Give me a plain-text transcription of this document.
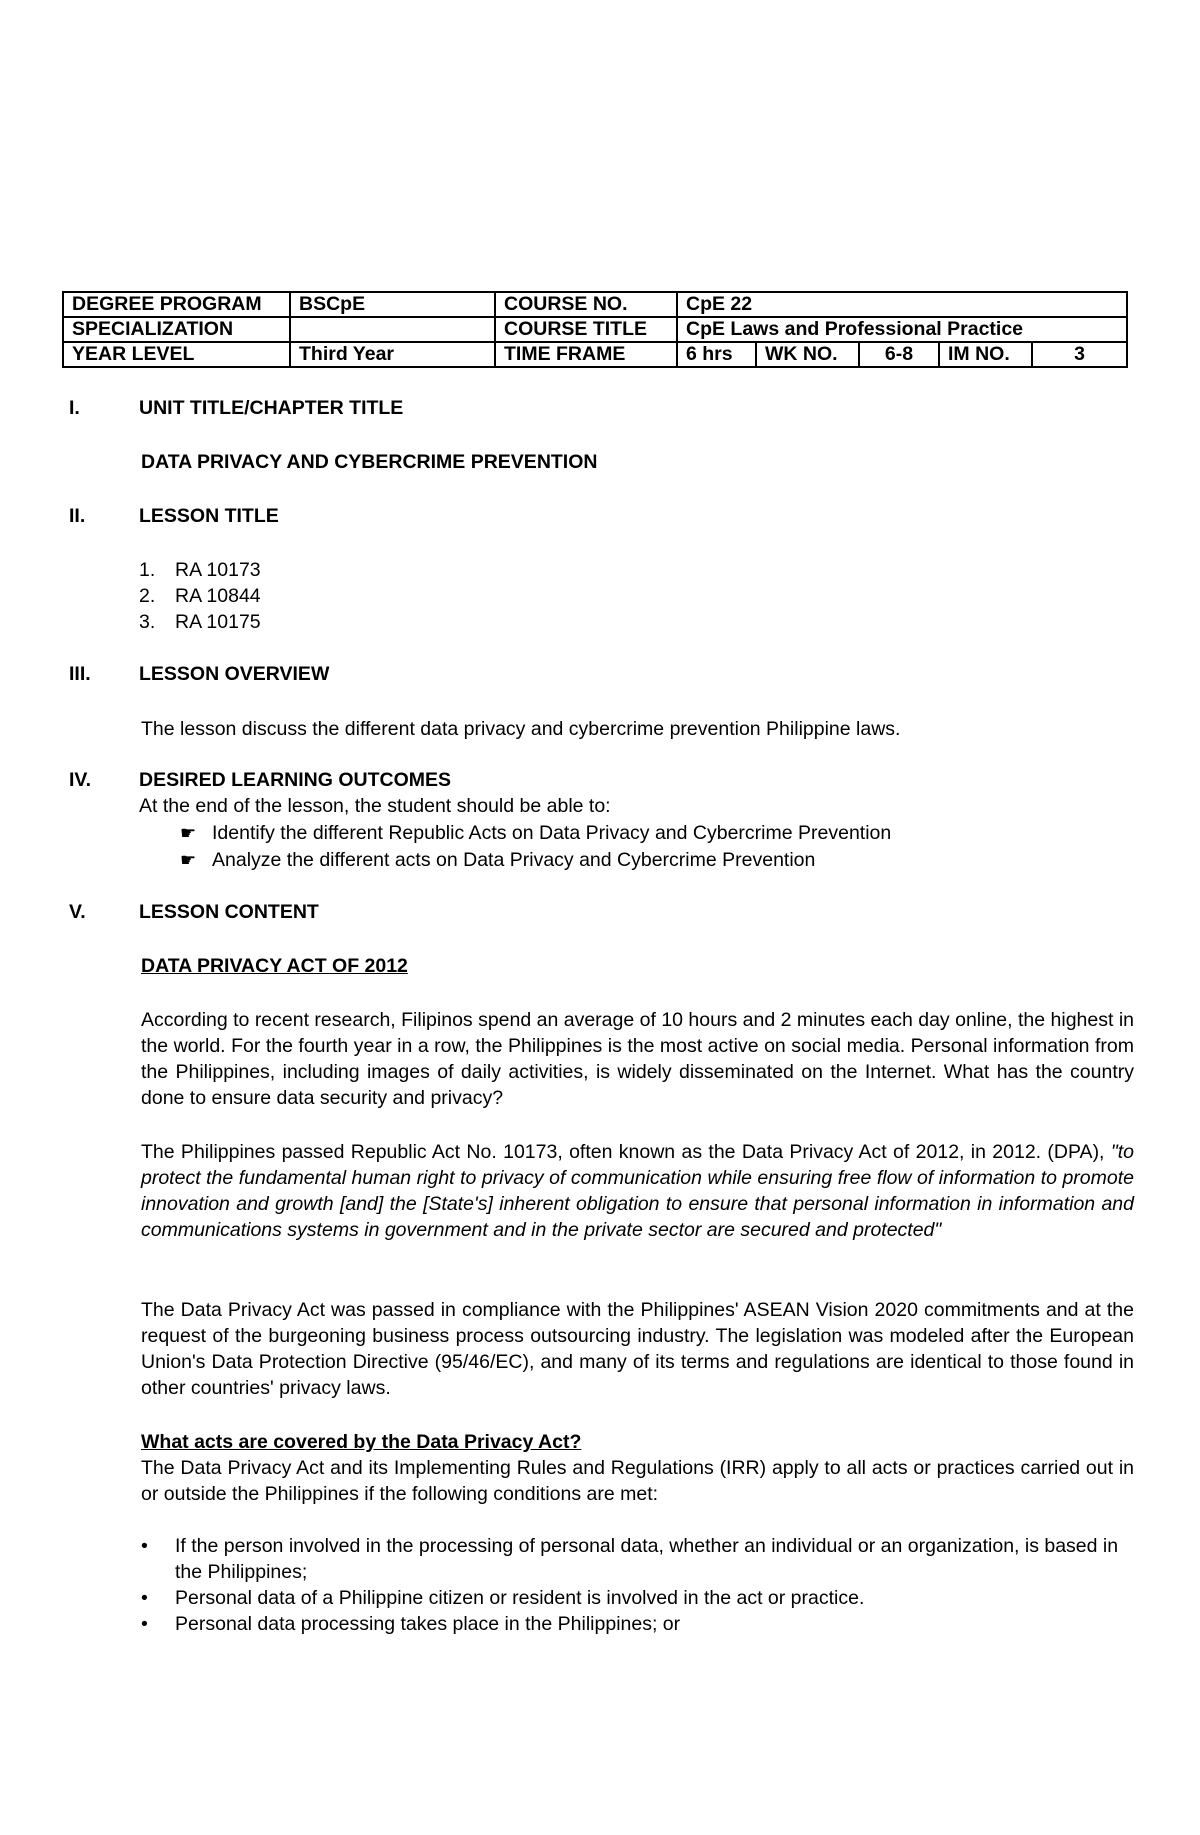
DEGREE PROGRAM	BSCpE	COURSE NO.	CpE 22				
SPECIALIZATION		COURSE TITLE	CpE Laws and Professional Practice				
YEAR LEVEL	Third Year	TIME FRAME	6 hrs	WK NO.	6-8	IM NO.	3
I.	UNIT TITLE/CHAPTER TITLE
DATA PRIVACY AND CYBERCRIME PREVENTION
II.	LESSON TITLE
1. RA 10173
2. RA 10844
3. RA 10175
III. LESSON OVERVIEW
The lesson discuss the different data privacy and cybercrime prevention Philippine laws.
IV. DESIRED LEARNING OUTCOMES
At the end of the lesson, the student should be able to:
☛ Identify the different Republic Acts on Data Privacy and Cybercrime Prevention
☛ Analyze the different acts on Data Privacy and Cybercrime Prevention
V.	LESSON CONTENT
DATA PRIVACY ACT OF 2012
According to recent research, Filipinos spend an average of 10 hours and 2 minutes each day online, the highest in the world. For the fourth year in a row, the Philippines is the most active on social media. Personal information from the Philippines, including images of daily activities, is widely disseminated on the Internet. What has the country done to ensure data security and privacy?
The Philippines passed Republic Act No. 10173, often known as the Data Privacy Act of 2012, in 2012. (DPA), "to protect the fundamental human right to privacy of communication while ensuring free flow of information to promote innovation and growth [and] the [State's] inherent obligation to ensure that personal information in information and communications systems in government and in the private sector are secured and protected"
The Data Privacy Act was passed in compliance with the Philippines' ASEAN Vision 2020 commitments and at the request of the burgeoning business process outsourcing industry. The legislation was modeled after the European Union's Data Protection Directive (95/46/EC), and many of its terms and regulations are identical to those found in other countries' privacy laws.
What acts are covered by the Data Privacy Act?
The Data Privacy Act and its Implementing Rules and Regulations (IRR) apply to all acts or practices carried out in or outside the Philippines if the following conditions are met:
• If the person involved in the processing of personal data, whether an individual or an organization, is based in the Philippines;
• Personal data of a Philippine citizen or resident is involved in the act or practice.
• Personal data processing takes place in the Philippines; or
